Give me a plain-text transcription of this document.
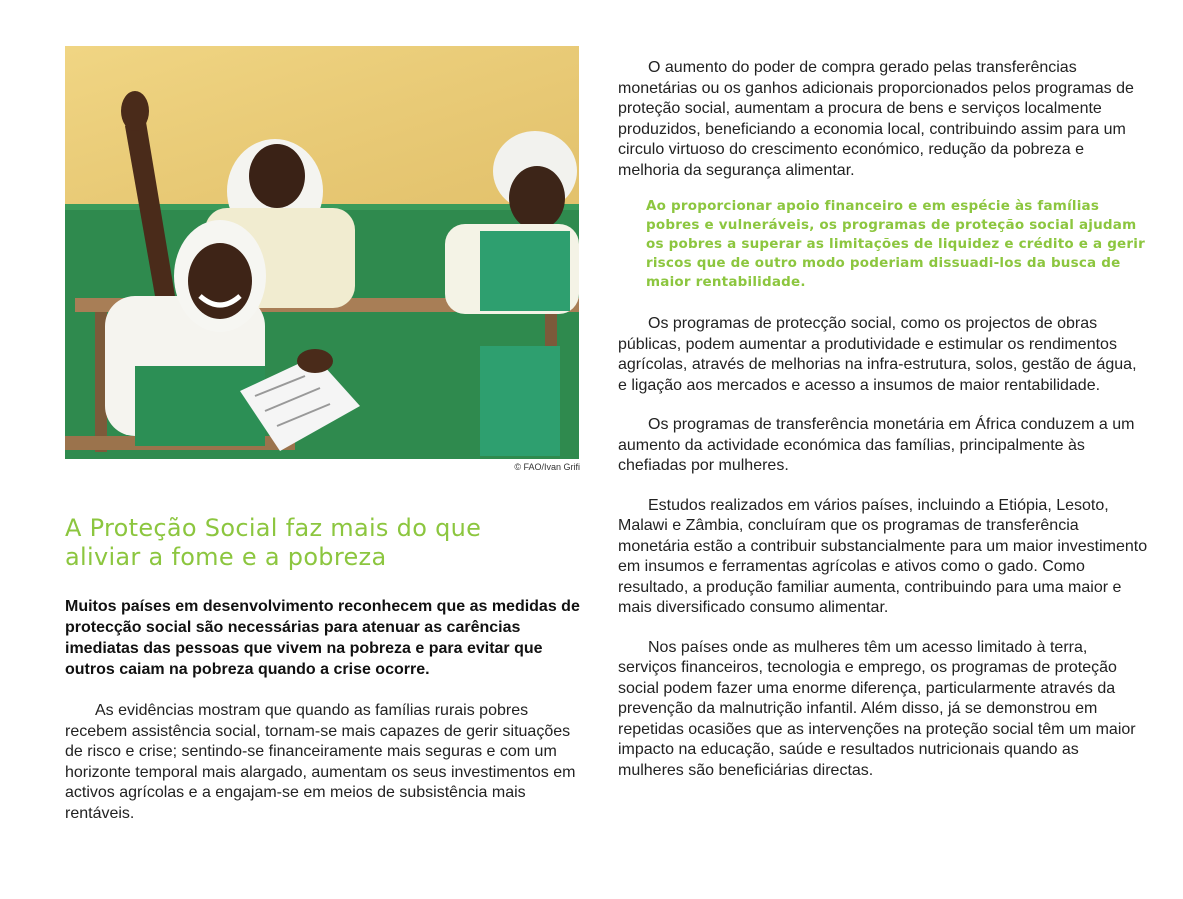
© FAO/Ivan Grifi
A Proteção Social faz mais do que
aliviar a fome e a pobreza

Muitos países em desenvolvimento reconhecem que as medidas de protecção social são necessárias para atenuar as carências imediatas das pessoas que vivem na pobreza e para evitar que outros caiam na pobreza quando a crise ocorre.

As evidências mostram que quando as famílias rurais pobres recebem assistência social, tornam-se mais capazes de gerir situações de risco e crise; sentindo-se financeiramente mais seguras e com um horizonte temporal mais alargado, aumentam os seus investimentos em activos agrícolas e a engajam-se em meios de subsistência mais rentáveis.

O aumento do poder de compra gerado pelas transferências monetárias ou os ganhos adicionais proporcionados pelos programas de proteção social, aumentam a procura de bens e serviços localmente produzidos, beneficiando a economia local, contribuindo assim para um circulo virtuoso do crescimento económico, redução da pobreza e melhoria da segurança alimentar.

Ao proporcionar apoio financeiro e em espécie às famílias pobres e vulneráveis, os programas de proteção social ajudam os pobres a superar as limitações de liquidez e crédito e a gerir riscos que de outro modo poderiam dissuadi-los da busca de maior rentabilidade.

Os programas de protecção social, como os projectos de obras públicas, podem aumentar a produtividade e estimular os rendimentos agrícolas, através de melhorias na infra-estrutura, solos, gestão de água, e ligação aos mercados e acesso a insumos de maior rentabilidade.

Os programas de transferência monetária em África conduzem a um aumento da actividade económica das famílias, principalmente às chefiadas por mulheres.

Estudos realizados em vários países, incluindo a Etiópia, Lesoto, Malawi e Zâmbia, concluíram que os programas de transferência monetária estão a contribuir substancialmente para um maior investimento em insumos e ferramentas agrícolas e ativos como o gado. Como resultado, a produção familiar aumenta, contribuindo para uma maior e mais diversificado consumo alimentar.

Nos países onde as mulheres têm um acesso limitado à terra, serviços financeiros, tecnologia e emprego, os programas de proteção social podem fazer uma enorme diferença, particularmente através da prevenção da malnutrição infantil. Além disso, já se demonstrou em repetidas ocasiões que as intervenções na proteção social têm um maior impacto na educação, saúde e resultados nutricionais quando as mulheres são beneficiárias directas.
